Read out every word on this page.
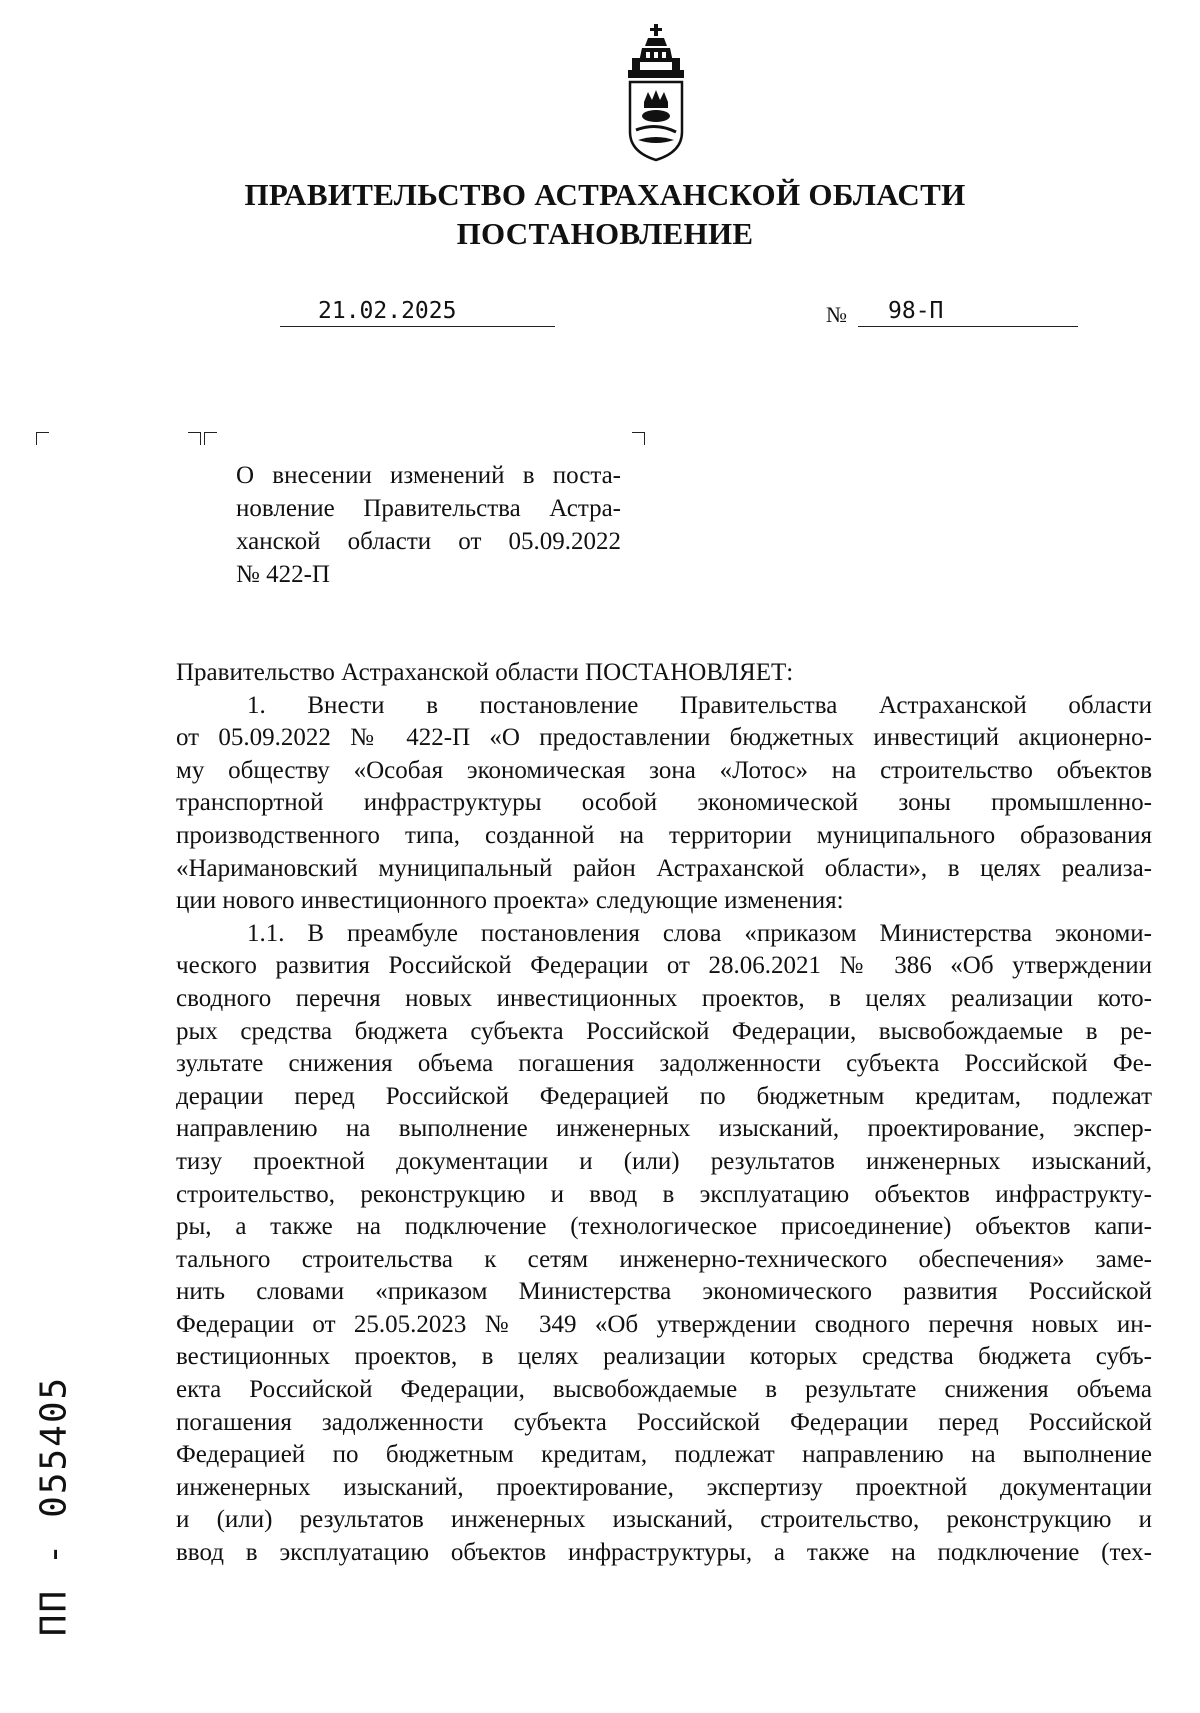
ПРАВИТЕЛЬСТВО АСТРАХАНСКОЙ ОБЛАСТИ
ПОСТАНОВЛЕНИЕ
21.02.2025	№ 98-П
О внесении изменений в поста-
новление Правительства Астра-
ханской области от 05.09.2022
№ 422-П
Правительство Астраханской области ПОСТАНОВЛЯЕТ:
1. Внести в постановление Правительства Астраханской области
от 05.09.2022 № 422-П «О предоставлении бюджетных инвестиций акционерно-
му обществу «Особая экономическая зона «Лотос» на строительство объектов
транспортной инфраструктуры особой экономической зоны промышленно-
производственного типа, созданной на территории муниципального образования
«Наримановский муниципальный район Астраханской области», в целях реализа-
ции нового инвестиционного проекта» следующие изменения:
1.1. В преамбуле постановления слова «приказом Министерства экономи-
ческого развития Российской Федерации от 28.06.2021 № 386 «Об утверждении
сводного перечня новых инвестиционных проектов, в целях реализации кото-
рых средства бюджета субъекта Российской Федерации, высвобождаемые в ре-
зультате снижения объема погашения задолженности субъекта Российской Фе-
дерации перед Российской Федерацией по бюджетным кредитам, подлежат
направлению на выполнение инженерных изысканий, проектирование, экспер-
тизу проектной документации и (или) результатов инженерных изысканий,
строительство, реконструкцию и ввод в эксплуатацию объектов инфраструкту-
ры, а также на подключение (технологическое присоединение) объектов капи-
тального строительства к сетям инженерно-технического обеспечения» заме-
нить словами «приказом Министерства экономического развития Российской
Федерации от 25.05.2023 № 349 «Об утверждении сводного перечня новых ин-
вестиционных проектов, в целях реализации которых средства бюджета субъ-
екта Российской Федерации, высвобождаемые в результате снижения объема
погашения задолженности субъекта Российской Федерации перед Российской
Федерацией по бюджетным кредитам, подлежат направлению на выполнение
инженерных изысканий, проектирование, экспертизу проектной документации
и (или) результатов инженерных изысканий, строительство, реконструкцию и
ввод в эксплуатацию объектов инфраструктуры, а также на подключение (тех-
ПП - 055405
